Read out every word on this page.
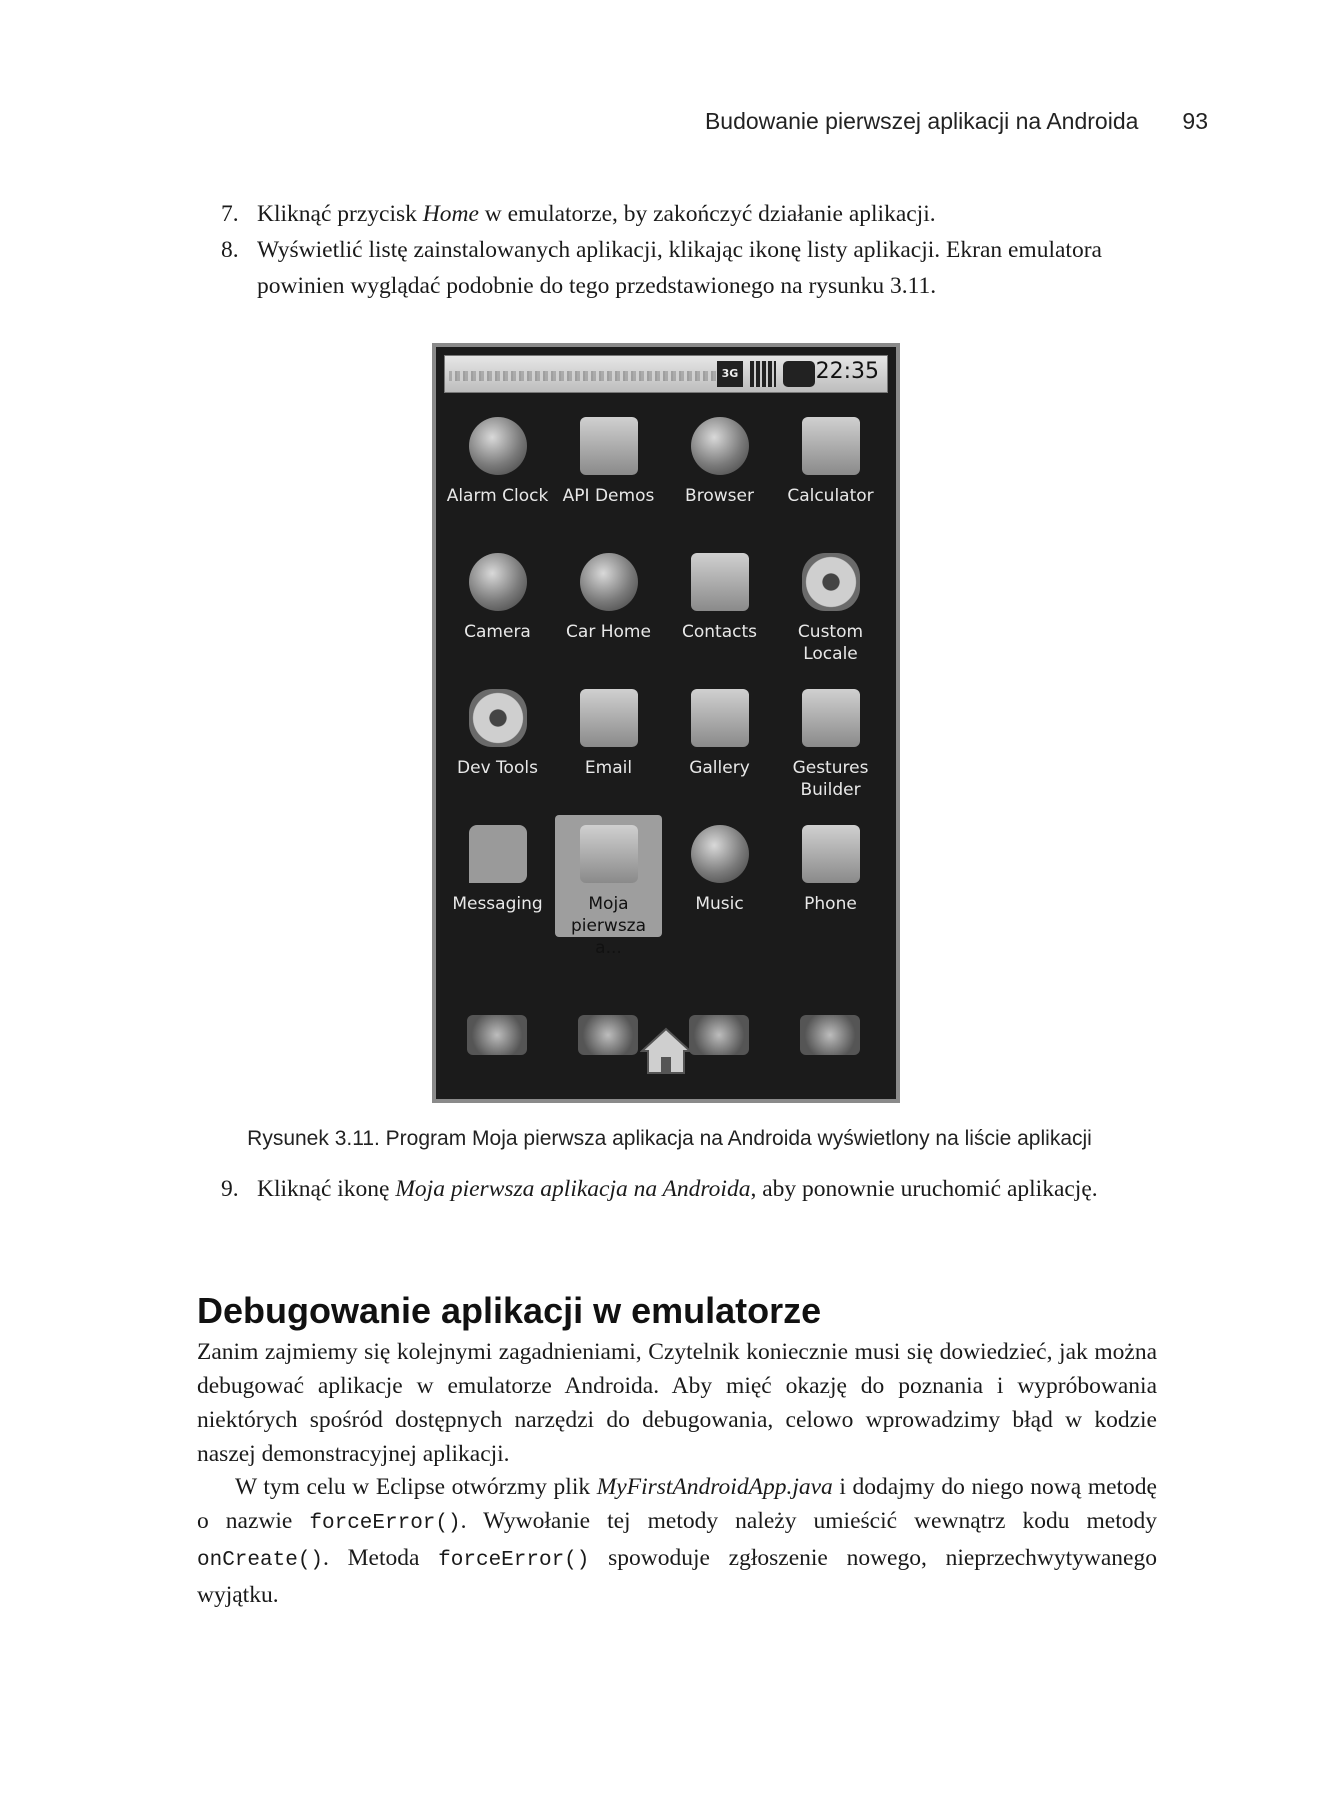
Budowanie pierwszej aplikacji na Androida 93
7. Kliknąć przycisk Home w emulatorze, by zakończyć działanie aplikacji.
8. Wyświetlić listę zainstalowanych aplikacji, klikając ikonę listy aplikacji. Ekran emulatora powinien wyglądać podobnie do tego przedstawionego na rysunku 3.11.
3G	22:35
Alarm Clock API Demos	Browser	Calculator
Camera	Car Home	Contacts	Custom Locale
Dev Tools	Email	Gallery	Gestures Builder
Messaging	Moja pierwsza a...
Music	Phone
Rysunek 3.11. Program Moja pierwsza aplikacja na Androida wyświetlony na liście aplikacji
9. Kliknąć ikonę Moja pierwsza aplikacja na Androida, aby ponownie uruchomić aplikację.
Debugowanie aplikacji w emulatorze

Zanim zajmiemy się kolejnymi zagadnieniami, Czytelnik koniecznie musi się dowiedzieć, jak można debugować aplikacje w emulatorze Androida. Aby mięć okazję do poznania i wypróbowania niektórych spośród dostępnych narzędzi do debugowania, celowo wprowadzimy błąd w kodzie naszej demonstracyjnej aplikacji.

W tym celu w Eclipse otwórzmy plik MyFirstAndroidApp.java i dodajmy do niego nową metodę o nazwie forceError(). Wywołanie tej metody należy umieścić wewnątrz kodu metody onCreate(). Metoda forceError() spowoduje zgłoszenie nowego, nieprzechwytywanego wyjątku.
